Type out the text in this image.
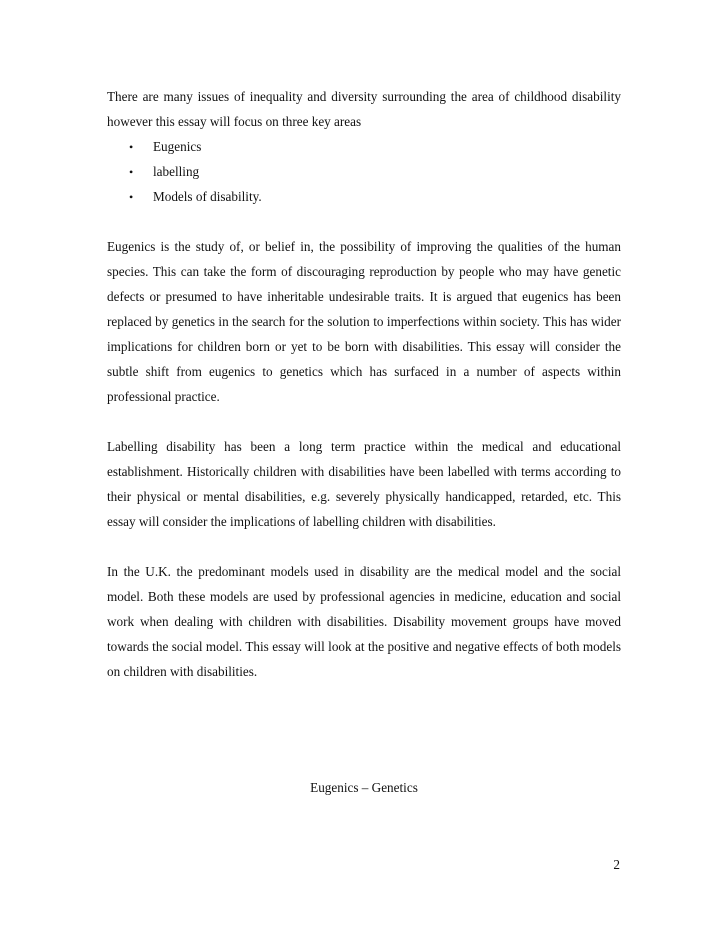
There are many issues of inequality and diversity surrounding the area of childhood disability however this essay will focus on three key areas

•	Eugenics
•	labelling
•	Models of disability.

Eugenics is the study of, or belief in, the possibility of improving the qualities of the human species. This can take the form of discouraging reproduction by people who may have genetic defects or presumed to have inheritable undesirable traits. It is argued that eugenics has been replaced by genetics in the search for the solution to imperfections within society. This has wider implications for children born or yet to be born with disabilities. This essay will consider the subtle shift from eugenics to genetics which has surfaced in a number of aspects within professional practice.

Labelling disability has been a long term practice within the medical and educational establishment. Historically children with disabilities have been labelled with terms according to their physical or mental disabilities, e.g. severely physically handicapped, retarded, etc. This essay will consider the implications of labelling children with disabilities.

In the U.K. the predominant models used in disability are the medical model and the social model. Both these models are used by professional agencies in medicine, education and social work when dealing with children with disabilities. Disability movement groups have moved towards the social model. This essay will look at the positive and negative effects of both models on children with disabilities.

Eugenics – Genetics
2
